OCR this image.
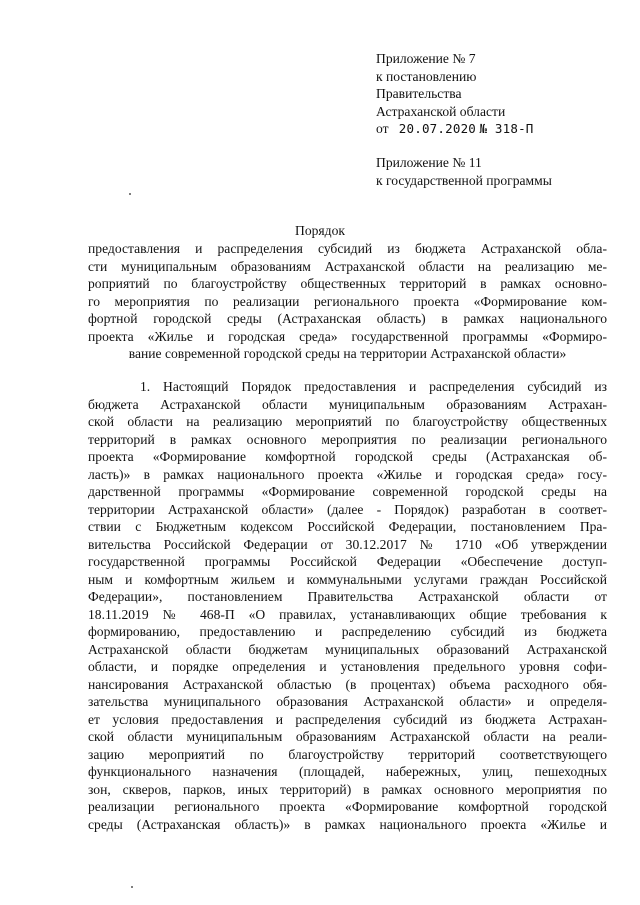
Приложение № 7
к постановлению
Правительства
Астраханской области
от 20.07.2020 № 318-П
Приложение № 11
к государственной программы
Порядок
предоставления и распределения субсидий из бюджета Астраханской обла-
сти муниципальным образованиям Астраханской области на реализацию ме-
роприятий по благоустройству общественных территорий в рамках основно-
го мероприятия по реализации регионального проекта «Формирование ком-
фортной городской среды (Астраханская область) в рамках национального
проекта «Жилье и городская среда» государственной программы «Формиро-
вание современной городской среды на территории Астраханской области»
1. Настоящий Порядок предоставления и распределения субсидий из
бюджета Астраханской области муниципальным образованиям Астрахан-
ской области на реализацию мероприятий по благоустройству общественных
территорий в рамках основного мероприятия по реализации регионального
проекта «Формирование комфортной городской среды (Астраханская об-
ласть)» в рамках национального проекта «Жилье и городская среда» госу-
дарственной программы «Формирование современной городской среды на
территории Астраханской области» (далее - Порядок) разработан в соответ-
ствии с Бюджетным кодексом Российской Федерации, постановлением Пра-
вительства Российской Федерации от 30.12.2017 № 1710 «Об утверждении
государственной программы Российской Федерации «Обеспечение доступ-
ным и комфортным жильем и коммунальными услугами граждан Российской
Федерации», постановлением Правительства Астраханской области от
18.11.2019 № 468-П «О правилах, устанавливающих общие требования к
формированию, предоставлению и распределению субсидий из бюджета
Астраханской области бюджетам муниципальных образований Астраханской
области, и порядке определения и установления предельного уровня софи-
нансирования Астраханской областью (в процентах) объема расходного обя-
зательства муниципального образования Астраханской области» и определя-
ет условия предоставления и распределения субсидий из бюджета Астрахан-
ской области муниципальным образованиям Астраханской области на реали-
зацию мероприятий по благоустройству территорий соответствующего
функционального назначения (площадей, набережных, улиц, пешеходных
зон, скверов, парков, иных территорий) в рамках основного мероприятия по
реализации регионального проекта «Формирование комфортной городской
среды (Астраханская область)» в рамках национального проекта «Жилье и
